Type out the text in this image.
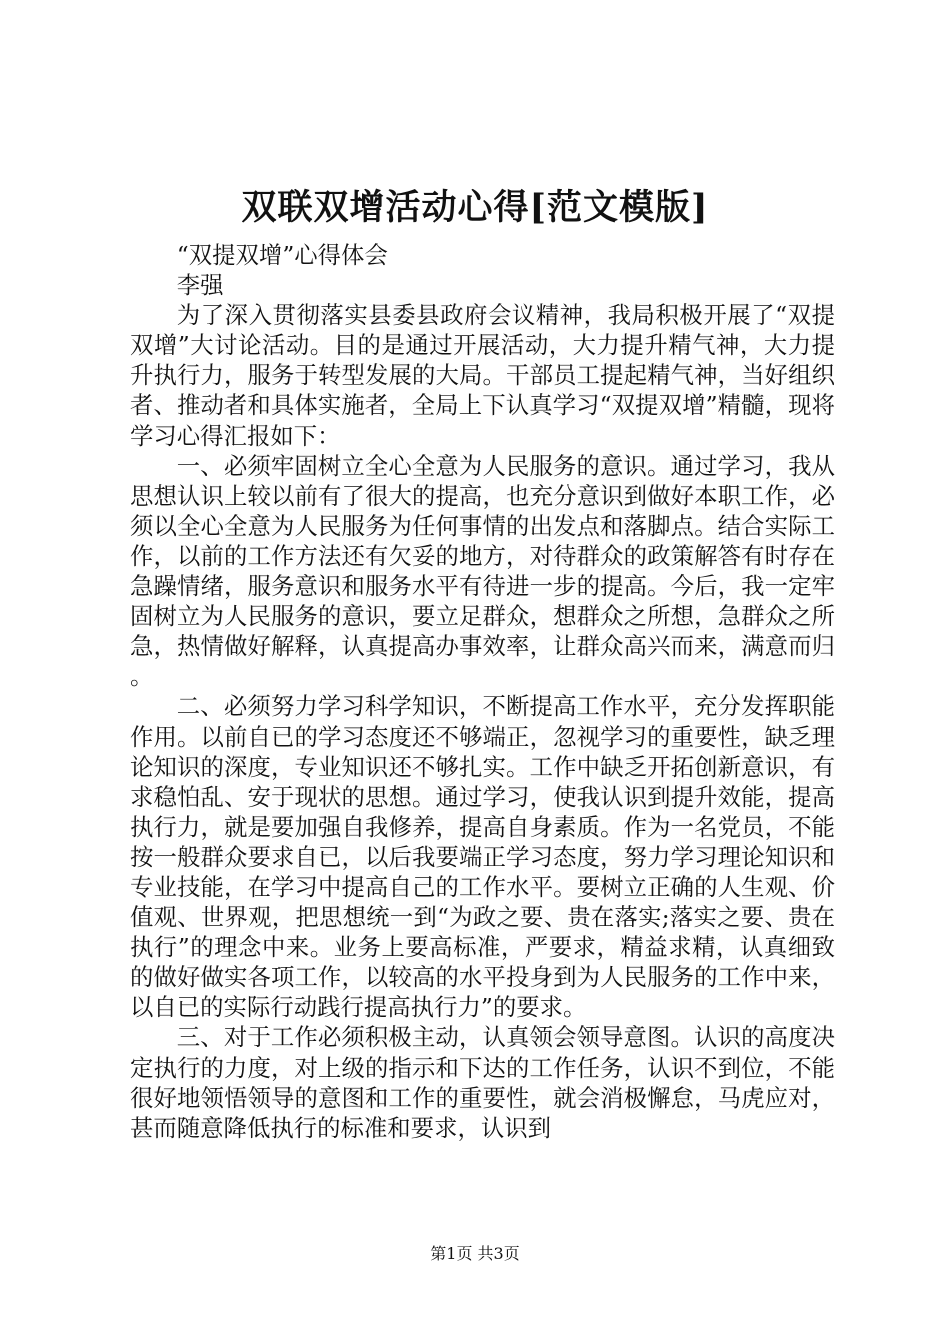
双联双增活动心得[范文模版]

“双提双增”心得体会

李强

为了深入贯彻落实县委县政府会议精神，我局积极开展了“双提双增”大讨论活动。目的是通过开展活动，大力提升精气神，大力提升执行力，服务于转型发展的大局。干部员工提起精气神，当好组织者、推动者和具体实施者，全局上下认真学习“双提双增”精髓，现将学习心得汇报如下：

一、必须牢固树立全心全意为人民服务的意识。通过学习，我从思想认识上较以前有了很大的提高，也充分意识到做好本职工作，必须以全心全意为人民服务为任何事情的出发点和落脚点。结合实际工作，以前的工作方法还有欠妥的地方，对待群众的政策解答有时存在急躁情绪，服务意识和服务水平有待进一步的提高。今后，我一定牢固树立为人民服务的意识，要立足群众，想群众之所想，急群众之所急，热情做好解释，认真提高办事效率，让群众高兴而来，满意而归。

二、必须努力学习科学知识，不断提高工作水平，充分发挥职能作用。以前自已的学习态度还不够端正，忽视学习的重要性，缺乏理论知识的深度，专业知识还不够扎实。工作中缺乏开拓创新意识，有求稳怕乱、安于现状的思想。通过学习，使我认识到提升效能，提高执行力，就是要加强自我修养，提高自身素质。作为一名党员，不能按一般群众要求自已，以后我要端正学习态度，努力学习理论知识和专业技能，在学习中提高自己的工作水平。要树立正确的人生观、价值观、世界观，把思想统一到“为政之要、贵在落实;落实之要、贵在执行”的理念中来。业务上要高标准，严要求，精益求精，认真细致的做好做实各项工作，以较高的水平投身到为人民服务的工作中来，以自已的实际行动践行提高执行力”的要求。

三、对于工作必须积极主动，认真领会领导意图。认识的高度决定执行的力度，对上级的指示和下达的工作任务，认识不到位，不能很好地领悟领导的意图和工作的重要性，就会消极懈怠，马虎应对，甚而随意降低执行的标准和要求，认识到

第1页 共3页
